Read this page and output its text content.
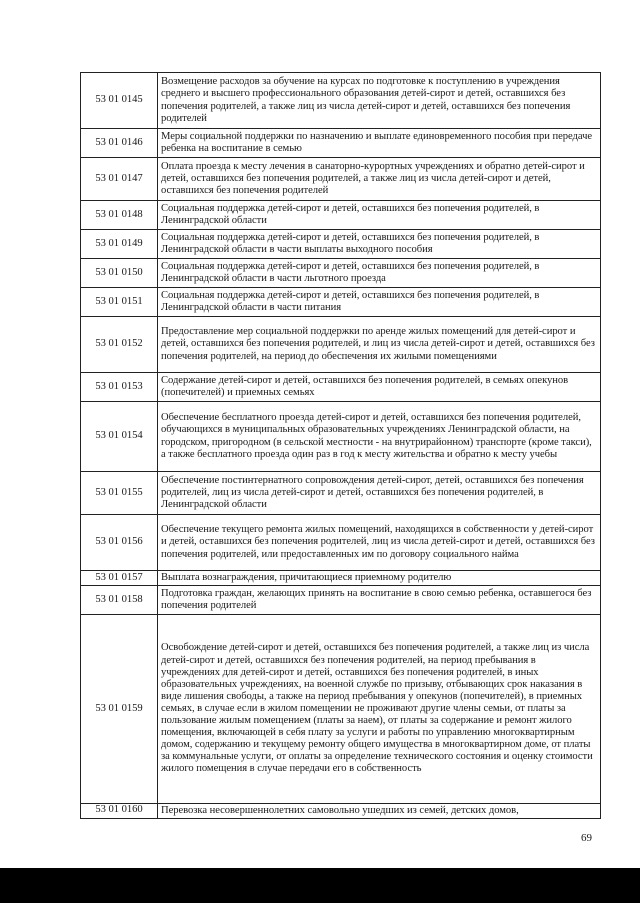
53 01 0145	Возмещение расходов за обучение на курсах по подготовке к поступлению в учреждения среднего и высшего профессионального образования детей-сирот и детей, оставшихся без попечения родителей, а также лиц из числа детей-сирот и детей, оставшихся без попечения родителей
53 01 0146	Меры социальной поддержки по назначению и выплате единовременного пособия при передаче ребенка на воспитание в семью
53 01 0147	Оплата проезда к месту лечения в санаторно-курортных учреждениях и обратно детей-сирот и детей, оставшихся без попечения родителей, а также лиц из числа детей-сирот и детей, оставшихся без попечения родителей
53 01 0148	Социальная поддержка детей-сирот и детей, оставшихся без попечения родителей, в Ленинградской области
53 01 0149	Социальная поддержка детей-сирот и детей, оставшихся без попечения родителей, в Ленинградской области в части выплаты выходного пособия
53 01 0150	Социальная поддержка детей-сирот и детей, оставшихся без попечения родителей, в Ленинградской области в части льготного проезда
53 01 0151	Социальная поддержка детей-сирот и детей, оставшихся без попечения родителей, в Ленинградской области в части питания
53 01 0152	Предоставление мер социальной поддержки по аренде жилых помещений для детей-сирот и детей, оставшихся без попечения родителей, и лиц из числа детей-сирот и детей, оставшихся без попечения родителей, на период до обеспечения их жилыми помещениями
53 01 0153	Содержание детей-сирот и детей, оставшихся без попечения родителей, в семьях опекунов (попечителей) и приемных семьях
53 01 0154	Обеспечение бесплатного проезда детей-сирот и детей, оставшихся без попечения родителей, обучающихся в муниципальных образовательных учреждениях Ленинградской области, на городском, пригородном (в сельской местности - на внутрирайонном) транспорте (кроме такси), а также бесплатного проезда один раз в год к месту жительства и обратно к месту учебы
53 01 0155	Обеспечение постинтернатного сопровождения детей-сирот, детей, оставшихся без попечения родителей, лиц из числа детей-сирот и детей, оставшихся без попечения родителей, в Ленинградской области
53 01 0156	Обеспечение текущего ремонта жилых помещений, находящихся в собственности у детей-сирот и детей, оставшихся без попечения родителей, лиц из числа детей-сирот и детей, оставшихся без попечения родителей, или предоставленных им по договору социального найма
53 01 0157	Выплата вознаграждения, причитающиеся приемному родителю
53 01 0158	Подготовка граждан, желающих принять на воспитание в свою семью ребенка, оставшегося без попечения родителей
53 01 0159	Освобождение детей-сирот и детей, оставшихся без попечения родителей, а также лиц из числа детей-сирот и детей, оставшихся без попечения родителей, на период пребывания в учреждениях для детей-сирот и детей, оставшихся без попечения родителей, в иных образовательных учреждениях, на военной службе по призыву, отбывающих срок наказания в виде лишения свободы, а также на период пребывания у опекунов (попечителей), в приемных семьях, в случае если в жилом помещении не проживают другие члены семьи, от платы за пользование жилым помещением (платы за наем), от платы за содержание и ремонт жилого помещения, включающей в себя плату за услуги и работы по управлению многоквартирным домом, содержанию и текущему ремонту общего имущества в многоквартирном доме, от платы за коммунальные услуги, от оплаты за определение технического состояния и оценку стоимости жилого помещения в случае передачи его в собственность
53 01 0160	Перевозка несовершеннолетних самовольно ушедших из семей, детских домов,
69
